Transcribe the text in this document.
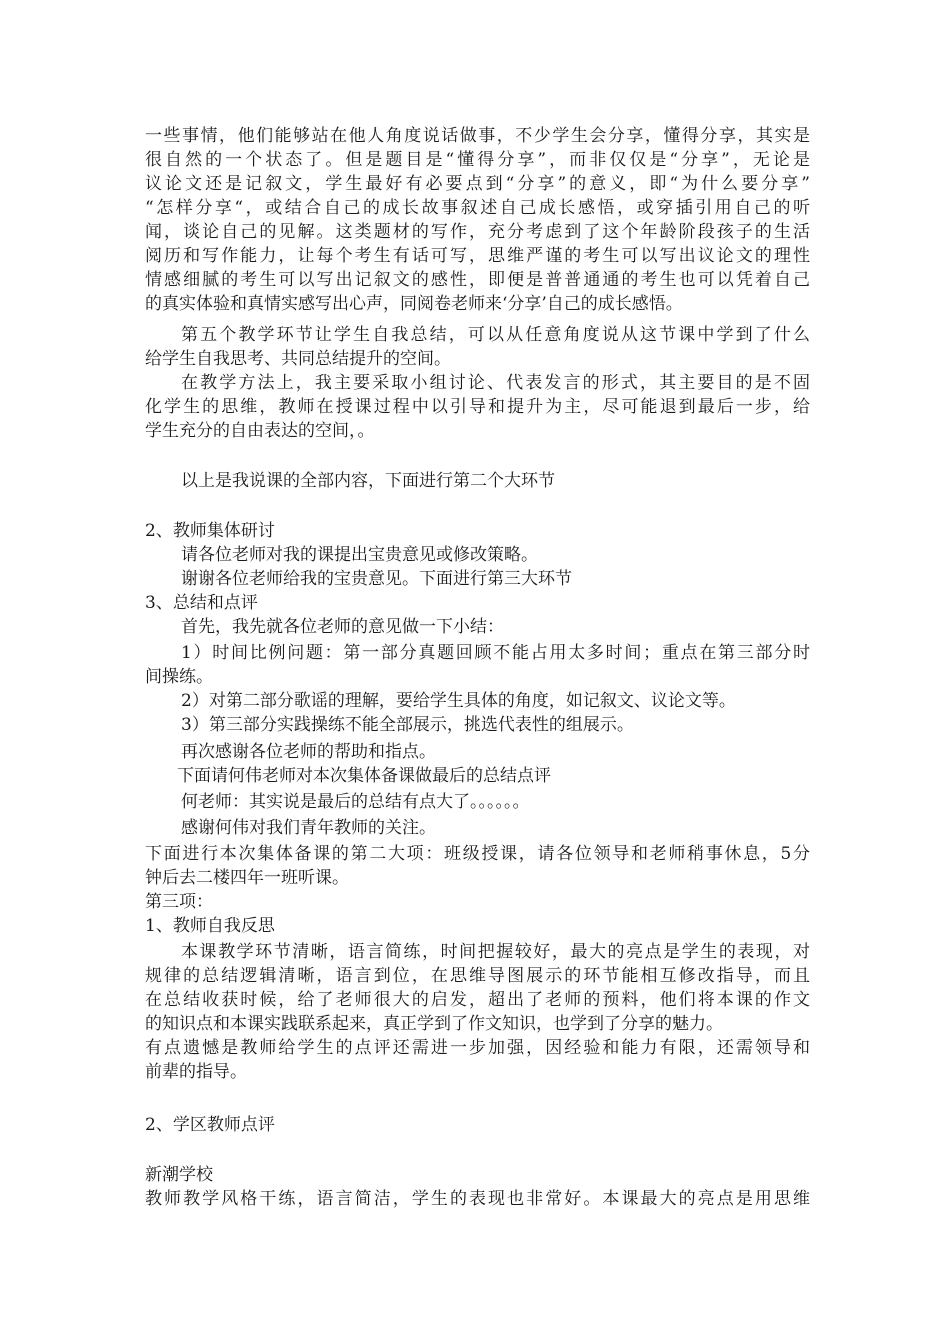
一些事情，他们能够站在他人角度说话做事，不少学生会分享，懂得分享，其实是
很自然的一个状态了。但是题目是“懂得分享”，而非仅仅是“分享”，无论是
议论文还是记叙文，学生最好有必要点到“分享”的意义，即“为什么要分享”
“怎样分享“，或结合自己的成长故事叙述自己成长感悟，或穿插引用自己的听
闻，谈论自己的见解。这类题材的写作，充分考虑到了这个年龄阶段孩子的生活
阅历和写作能力，让每个考生有话可写，思维严谨的考生可以写出议论文的理性
情感细腻的考生可以写出记叙文的感性，即便是普普通通的考生也可以凭着自己
的真实体验和真情实感写出心声，同阅卷老师来‘分享’自己的成长感悟。
第五个教学环节让学生自我总结，可以从任意角度说从这节课中学到了什么
给学生自我思考、共同总结提升的空间。
在教学方法上，我主要采取小组讨论、代表发言的形式，其主要目的是不固
化学生的思维，教师在授课过程中以引导和提升为主，尽可能退到最后一步，给
学生充分的自由表达的空间，。
以上是我说课的全部内容，下面进行第二个大环节
2、教师集体研讨
请各位老师对我的课提出宝贵意见或修改策略。
谢谢各位老师给我的宝贵意见。下面进行第三大环节
3、总结和点评
首先，我先就各位老师的意见做一下小结：
1）时间比例问题：第一部分真题回顾不能占用太多时间；重点在第三部分时
间操练。
2）对第二部分歌谣的理解，要给学生具体的角度，如记叙文、议论文等。
3）第三部分实践操练不能全部展示，挑选代表性的组展示。
再次感谢各位老师的帮助和指点。
下面请何伟老师对本次集体备课做最后的总结点评
何老师：其实说是最后的总结有点大了。。。。。。
感谢何伟对我们青年教师的关注。
下面进行本次集体备课的第二大项：班级授课，请各位领导和老师稍事休息，5分
钟后去二楼四年一班听课。
第三项：
1、教师自我反思
本课教学环节清晰，语言简练，时间把握较好，最大的亮点是学生的表现，对
规律的总结逻辑清晰，语言到位，在思维导图展示的环节能相互修改指导，而且
在总结收获时候，给了老师很大的启发，超出了老师的预料，他们将本课的作文
的知识点和本课实践联系起来，真正学到了作文知识，也学到了分享的魅力。
有点遗憾是教师给学生的点评还需进一步加强，因经验和能力有限，还需领导和
前辈的指导。
2、学区教师点评
新潮学校
教师教学风格干练，语言简洁，学生的表现也非常好。本课最大的亮点是用思维
